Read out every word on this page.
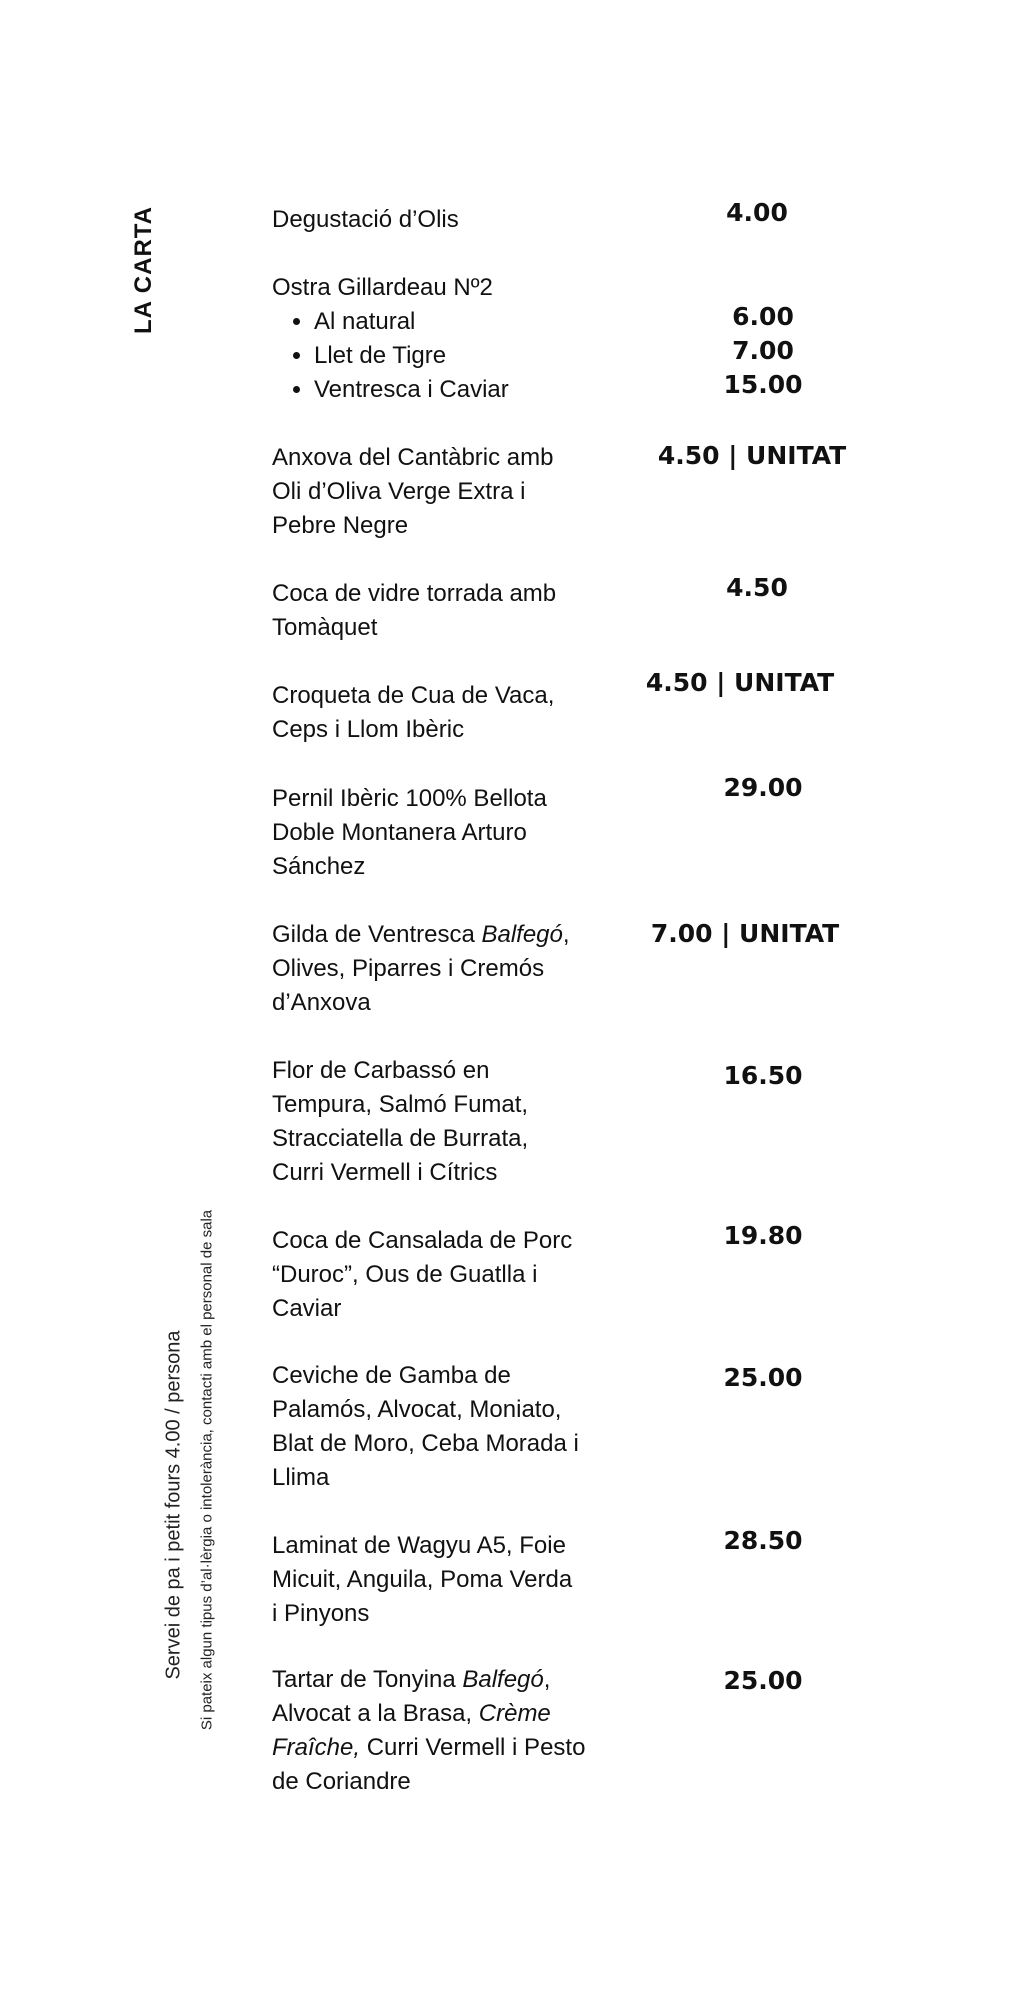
LA CARTA
Servei de pa i petit fours 4.00 / persona Si pateix algun tipus d’al·lèrgia o intolerància, contacti amb el personal de sala
Degustació d’Olis	4.00
Ostra Gillardeau Nº2
• Al natural
• Llet de Tigre
• Ventresca i Caviar
6.00
7.00
15.00
Anxova del Cantàbric amb
Oli d’Oliva Verge Extra i
Pebre Negre
4.50 | UNITAT
Coca de vidre torrada amb
Tomàquet
4.50
Croqueta de Cua de Vaca,
Ceps i Llom Ibèric
4.50 | UNITAT
Pernil Ibèric 100% Bellota
Doble Montanera Arturo
Sánchez
29.00
Gilda de Ventresca Balfegó,
Olives, Piparres i Cremós
d’Anxova
7.00 | UNITAT
Flor de Carbassó en
Tempura, Salmó Fumat,
Stracciatella de Burrata,
Curri Vermell i Cítrics
16.50
Coca de Cansalada de Porc
“Duroc”, Ous de Guatlla i
Caviar
19.80
Ceviche de Gamba de
Palamós, Alvocat, Moniato,
Blat de Moro, Ceba Morada i
Llima
25.00
Laminat de Wagyu A5, Foie
Micuit, Anguila, Poma Verda
i Pinyons
28.50
Tartar de Tonyina Balfegó,
Alvocat a la Brasa, Crème
Fraîche, Curri Vermell i Pesto
de Coriandre
25.00
